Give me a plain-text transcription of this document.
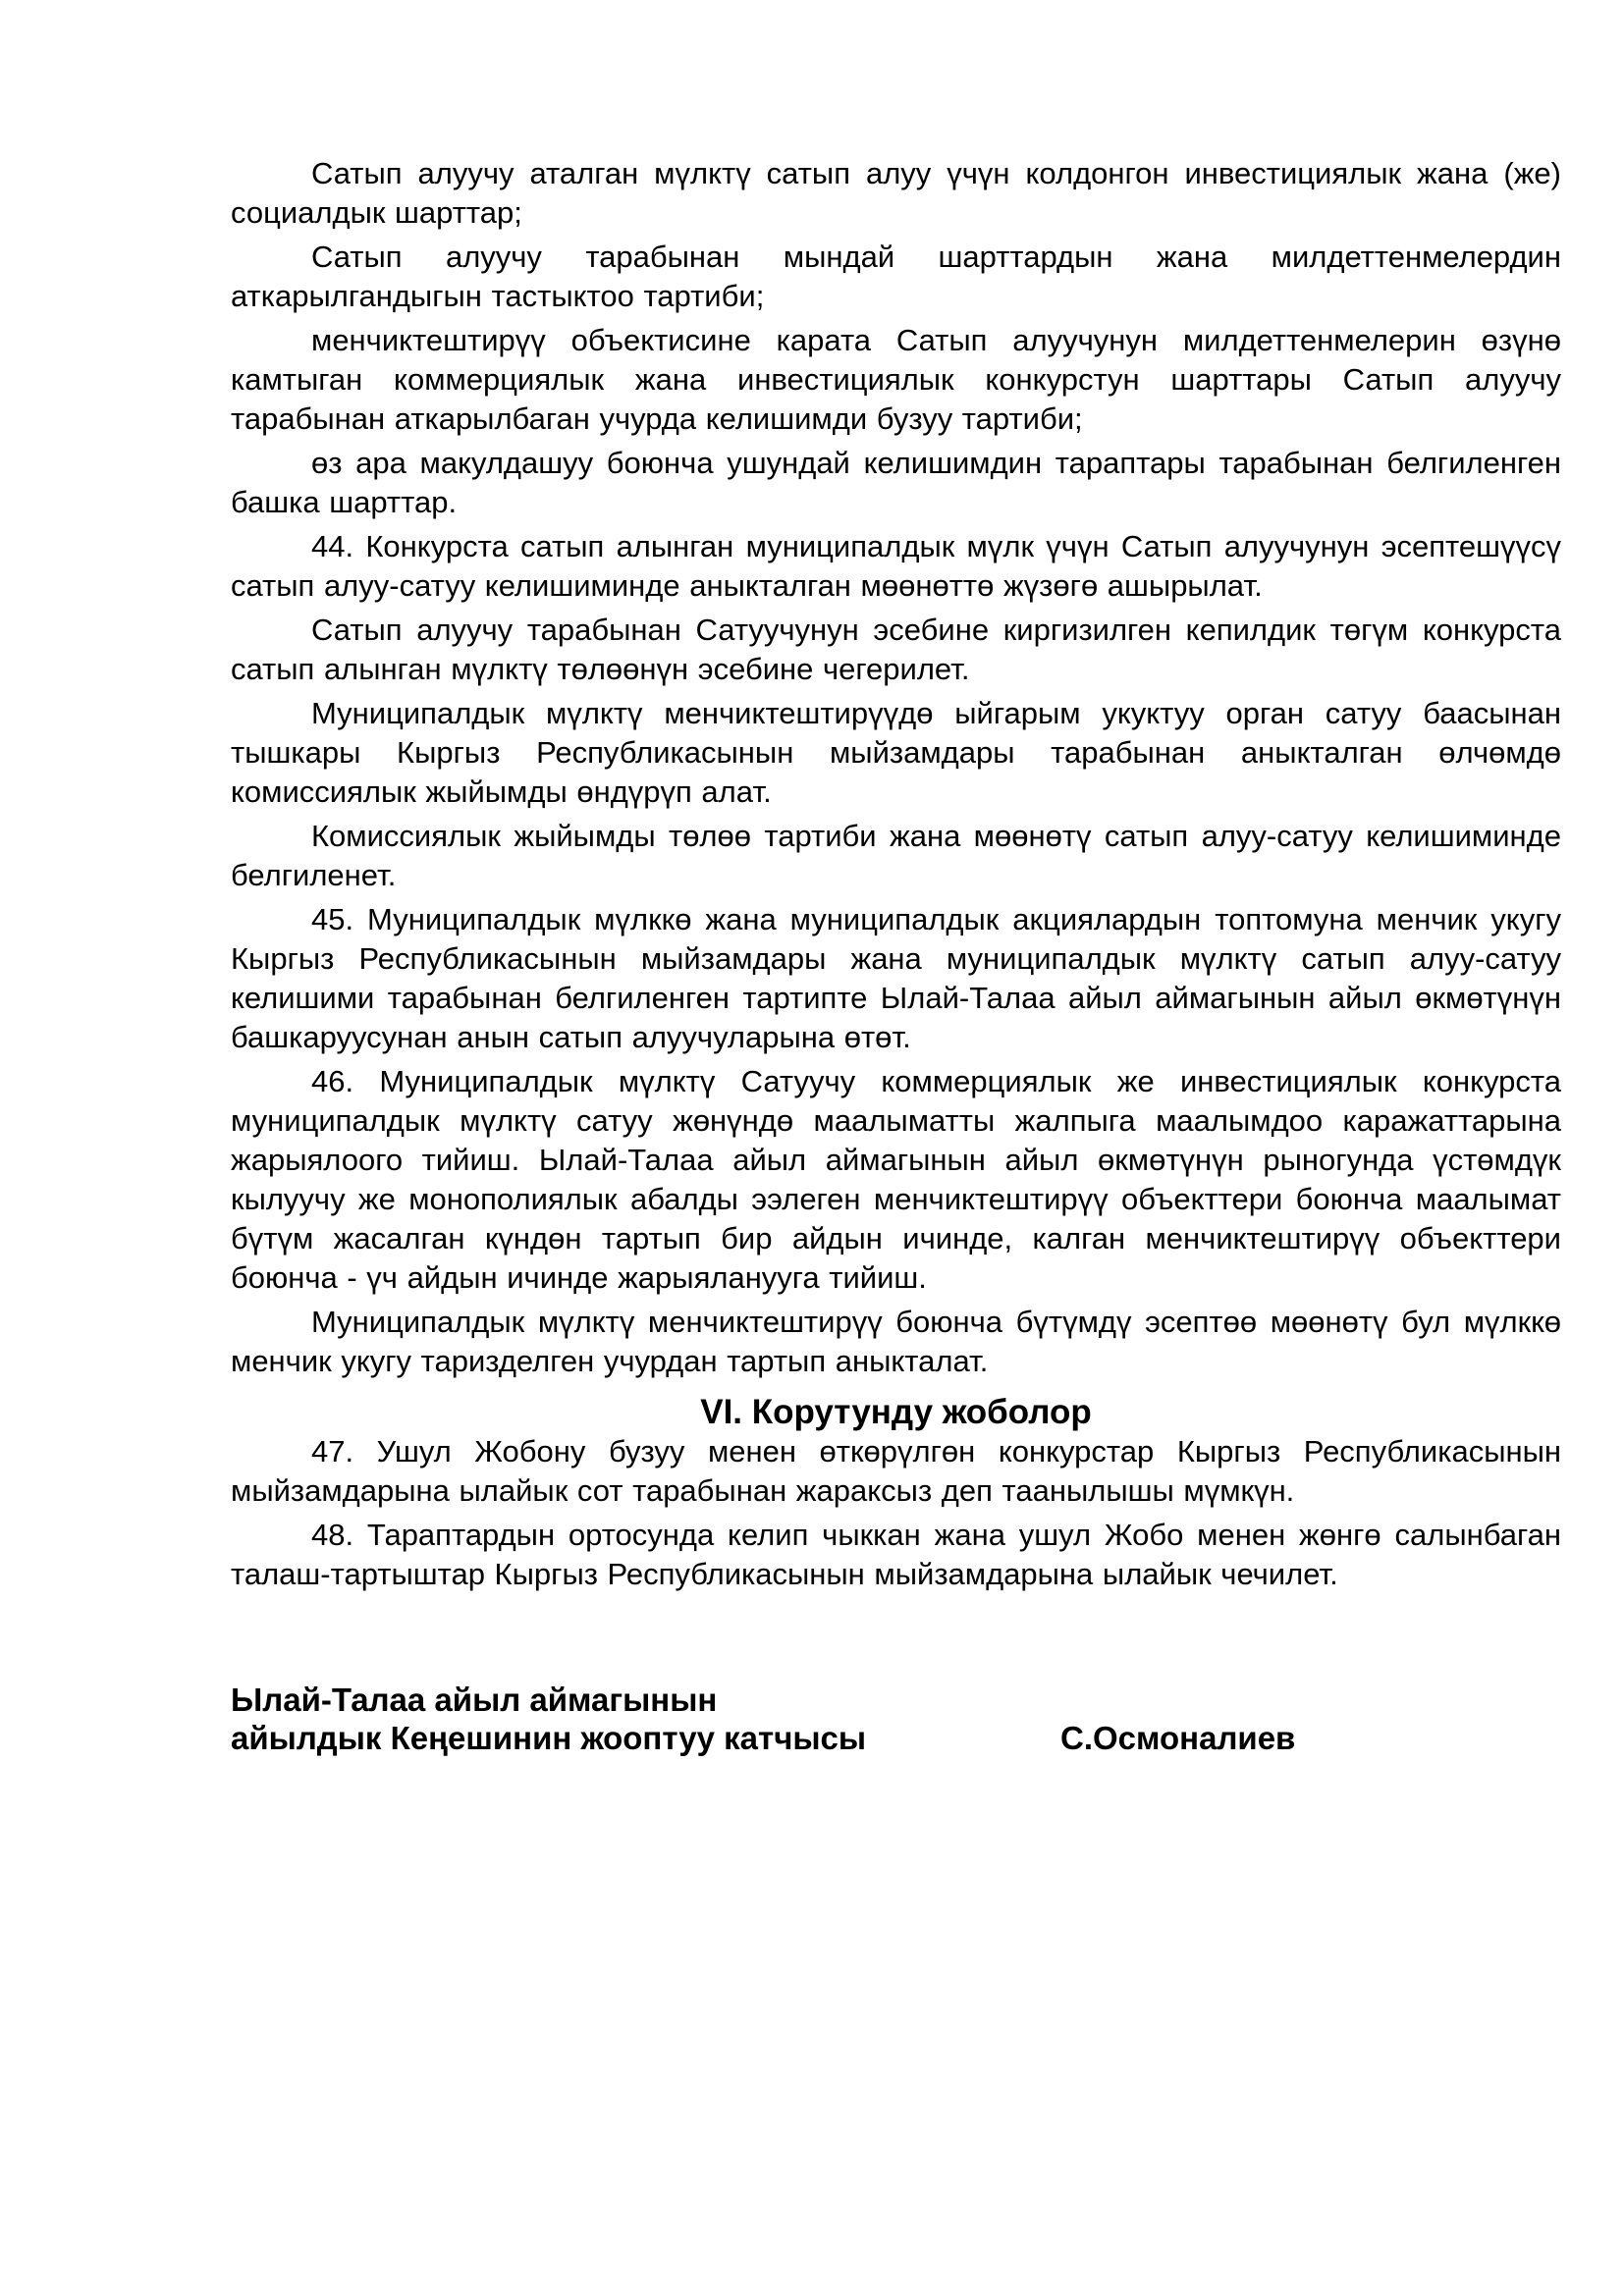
Сатып алуучу аталган мүлктү сатып алуу үчүн колдонгон инвестициялык жана (же) социалдык шарттар;

Сатып алуучу тарабынан мындай шарттардын жана милдеттенмелердин аткарылгандыгын тастыктоо тартиби;

менчиктештирүү объектисине карата Сатып алуучунун милдеттенмелерин өзүнө камтыган коммерциялык жана инвестициялык конкурстун шарттары Сатып алуучу тарабынан аткарылбаган учурда келишимди бузуу тартиби;

өз ара макулдашуу боюнча ушундай келишимдин тараптары тарабынан белгиленген башка шарттар.

44. Конкурста сатып алынган муниципалдык мүлк үчүн Сатып алуучунун эсептешүүсү сатып алуу-сатуу келишиминде аныкталган мөөнөттө жүзөгө ашырылат.

Сатып алуучу тарабынан Сатуучунун эсебине киргизилген кепилдик төгүм конкурста сатып алынган мүлктү төлөөнүн эсебине чегерилет.

Муниципалдык мүлктү менчиктештирүүдө ыйгарым укуктуу орган сатуу баасынан тышкары Кыргыз Республикасынын мыйзамдары тарабынан аныкталган өлчөмдө комиссиялык жыйымды өндүрүп алат.

Комиссиялык жыйымды төлөө тартиби жана мөөнөтү сатып алуу-сатуу келишиминде белгиленет.

45. Муниципалдык мүлккө жана муниципалдык акциялардын топтомуна менчик укугу Кыргыз Республикасынын мыйзамдары жана муниципалдык мүлктү сатып алуу-сатуу келишими тарабынан белгиленген тартипте Ылай-Талаа айыл аймагынын айыл өкмөтүнүн башкаруусунан анын сатып алуучуларына өтөт.

46. Муниципалдык мүлктү Сатуучу коммерциялык же инвестициялык конкурста муниципалдык мүлктү сатуу жөнүндө маалыматты жалпыга маалымдоо каражаттарына жарыялоого тийиш. Ылай-Талаа айыл аймагынын айыл өкмөтүнүн рыногунда үстөмдүк кылуучу же монополиялык абалды ээлеген менчиктештирүү объекттери боюнча маалымат бүтүм жасалган күндөн тартып бир айдын ичинде, калган менчиктештирүү объекттери боюнча - үч айдын ичинде жарыяланууга тийиш.

Муниципалдык мүлктү менчиктештирүү боюнча бүтүмдү эсептөө мөөнөтү бул мүлккө менчик укугу таризделген учурдан тартып аныкталат.

VI. Корутунду жоболор

47. Ушул Жобону бузуу менен өткөрүлгөн конкурстар Кыргыз Республикасынын мыйзамдарына ылайык сот тарабынан жараксыз деп таанылышы мүмкүн.

48. Тараптардын ортосунда келип чыккан жана ушул Жобо менен жөнгө салынбаган талаш-тартыштар Кыргыз Республикасынын мыйзамдарына ылайык чечилет.

Ылай-Талаа айыл аймагынын
айылдык Кеңешинин жооптуу катчысы	С.Осмоналиев
